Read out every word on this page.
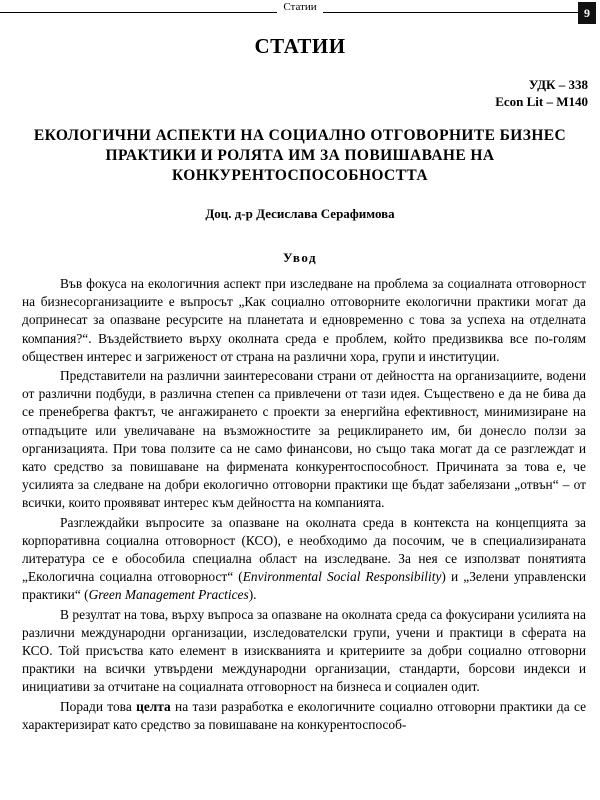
Статии	9
СТАТИИ
УДК – 338
Econ Lit – M140
ЕКОЛОГИЧНИ АСПЕКТИ НА СОЦИАЛНО ОТГОВОРНИТЕ БИЗНЕС ПРАКТИКИ И РОЛЯТА ИМ ЗА ПОВИШАВАНЕ НА КОНКУРЕНТОСПОСОБНОСТТА
Доц. д-р Десислава Серафимова
Увод

Във фокуса на екологичния аспект при изследване на проблема за социалната отговорност на бизнесорганизациите е въпросът „Как социално отговорните екологични практики могат да допринесат за опазване ресурсите на планетата и едновременно с това за успеха на отделната компания?“. Въздействието върху околната среда е проблем, който предизвиква все по-голям обществен интерес и загриженост от страна на различни хора, групи и институции.

Представители на различни заинтересовани страни от дейността на организациите, водени от различни подбуди, в различна степен са привлечени от тази идея. Съществено е да не бива да се пренебрегва фактът, че ангажирането с проекти за енергийна ефективност, минимизиране на отпадъците или увеличаване на възможностите за рециклирането им, би донесло ползи за организацията. При това ползите са не само финансови, но също така могат да се разглеждат и като средство за повишаване на фирмената конкурентоспособност. Причината за това е, че усилията за следване на добри екологично отговорни практики ще бъдат забелязани „отвън“ – от всички, които проявяват интерес към дейността на компанията.

Разглеждайки въпросите за опазване на околната среда в контекста на концепцията за корпоративна социална отговорност (КСО), е необходимо да посочим, че в специализираната литература се е обособила специална област на изследване. За нея се използват понятията „Екологична социална отговорност“ (Environmental Social Responsibility) и „Зелени управленски практики“ (Green Management Practices).

В резултат на това, върху въпроса за опазване на околната среда са фокусирани усилията на различни международни организации, изследователски групи, учени и практици в сферата на КСО. Той присъства като елемент в изискванията и критериите за добри социално отговорни практики на всички утвърдени международни организации, стандарти, борсови индекси и инициативи за отчитане на социалната отговорност на бизнеса и социален одит.

Поради това целта на тази разработка е екологичните социално отговорни практики да се характеризират като средство за повишаване на конкурентоспособ-
